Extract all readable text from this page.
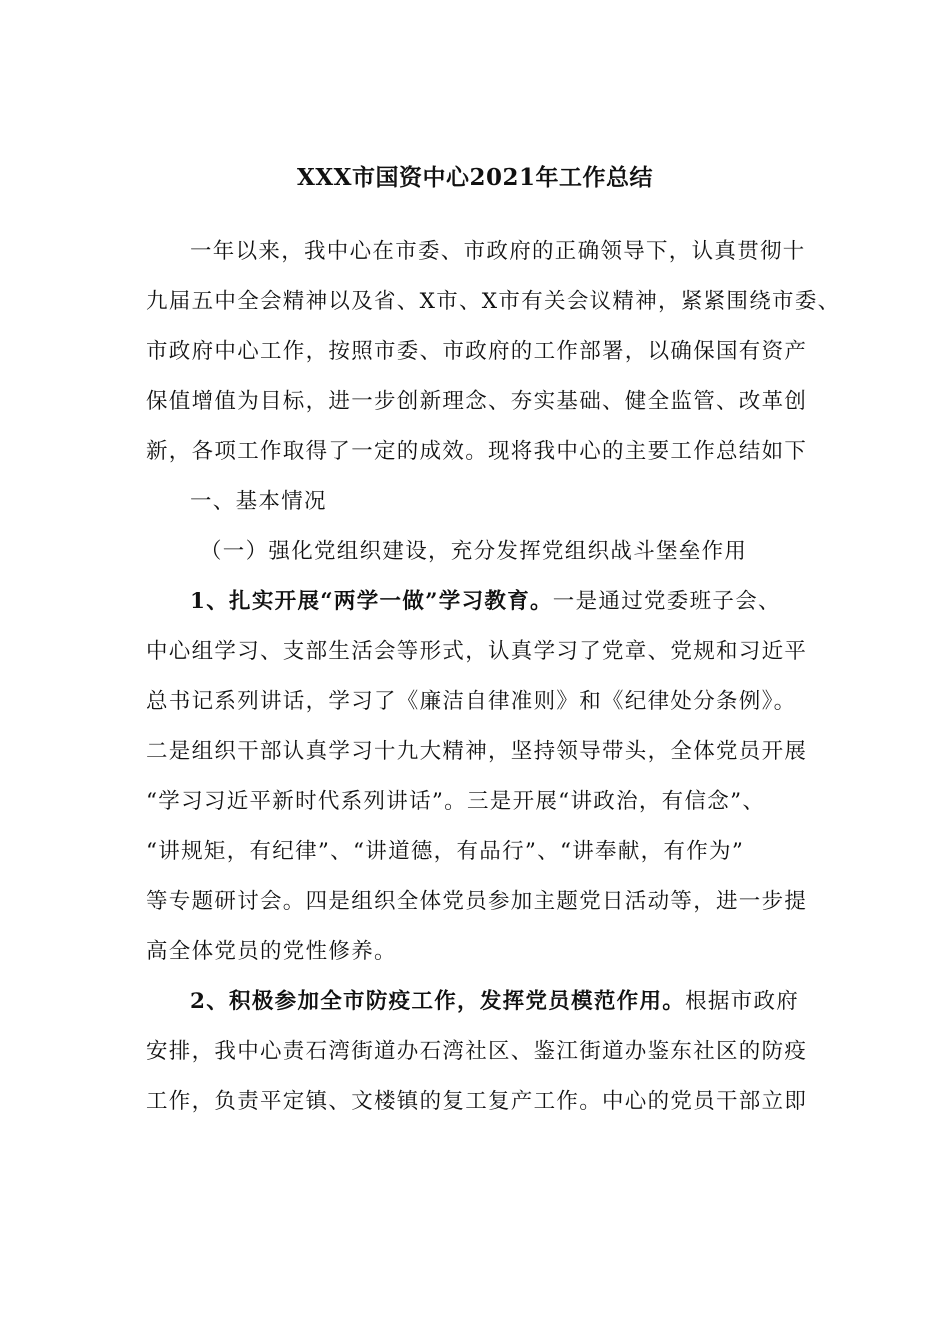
XXX市国资中心2021年工作总结
一年以来，我中心在市委、市政府的正确领导下，认真贯彻十
九届五中全会精神以及省、X市、X市有关会议精神，紧紧围绕市委、
市政府中心工作，按照市委、市政府的工作部署，以确保国有资产
保值增值为目标，进一步创新理念、夯实基础、健全监管、改革创
新，各项工作取得了一定的成效。现将我中心的主要工作总结如下
一、基本情况
（一）强化党组织建设，充分发挥党组织战斗堡垒作用
1、扎实开展“两学一做”学习教育。一是通过党委班子会、
中心组学习、支部生活会等形式，认真学习了党章、党规和习近平
总书记系列讲话，学习了《廉洁自律准则》和《纪律处分条例》。
二是组织干部认真学习十九大精神，坚持领导带头，全体党员开展
“学习习近平新时代系列讲话”。三是开展“讲政治，有信念”、
“讲规矩，有纪律”、“讲道德，有品行”、“讲奉献，有作为”
等专题研讨会。四是组织全体党员参加主题党日活动等，进一步提
高全体党员的党性修养。
2、积极参加全市防疫工作，发挥党员模范作用。根据市政府
安排，我中心责石湾街道办石湾社区、鉴江街道办鉴东社区的防疫
工作，负责平定镇、文楼镇的复工复产工作。中心的党员干部立即
